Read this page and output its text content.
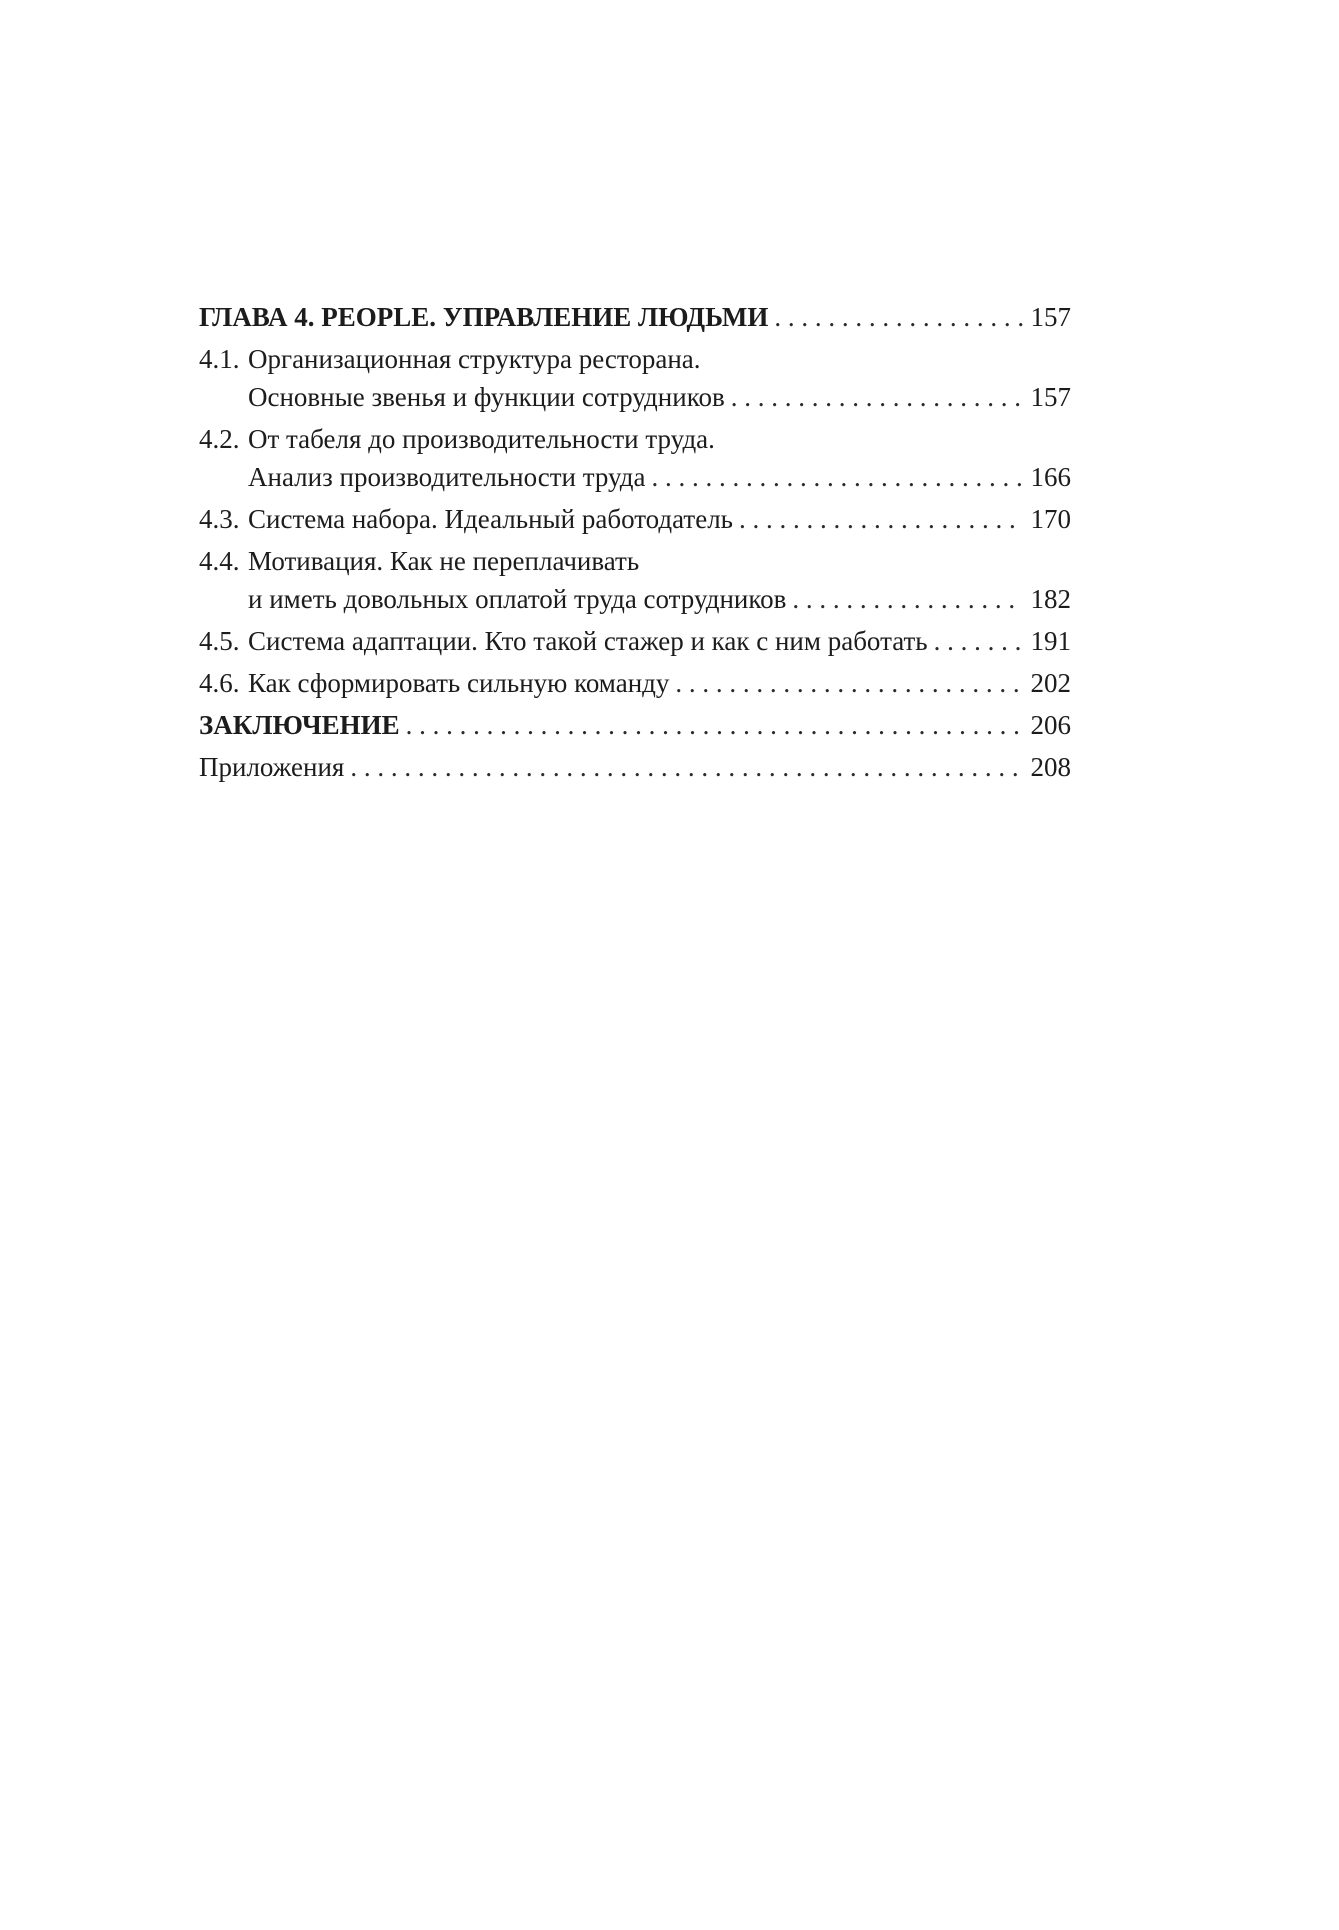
ГЛАВА 4. PEOPLE. УПРАВЛЕНИЕ ЛЮДЬМИ . . .	157
4.1. Организационная структура ресторана.
Основные звенья и функции сотрудников . . .	157
4.2. От табеля до производительности труда.
Анализ производительности труда . . .	166
4.3. Система набора. Идеальный работодатель . . .	170
4.4. Мотивация. Как не переплачивать
и иметь довольных оплатой труда сотрудников . . .	182
4.5. Система адаптации. Кто такой стажер и как с ним работать . . .	191
4.6. Как сформировать сильную команду . . .	202
ЗАКЛЮЧЕНИЕ . . .	206
Приложения . . .	208
